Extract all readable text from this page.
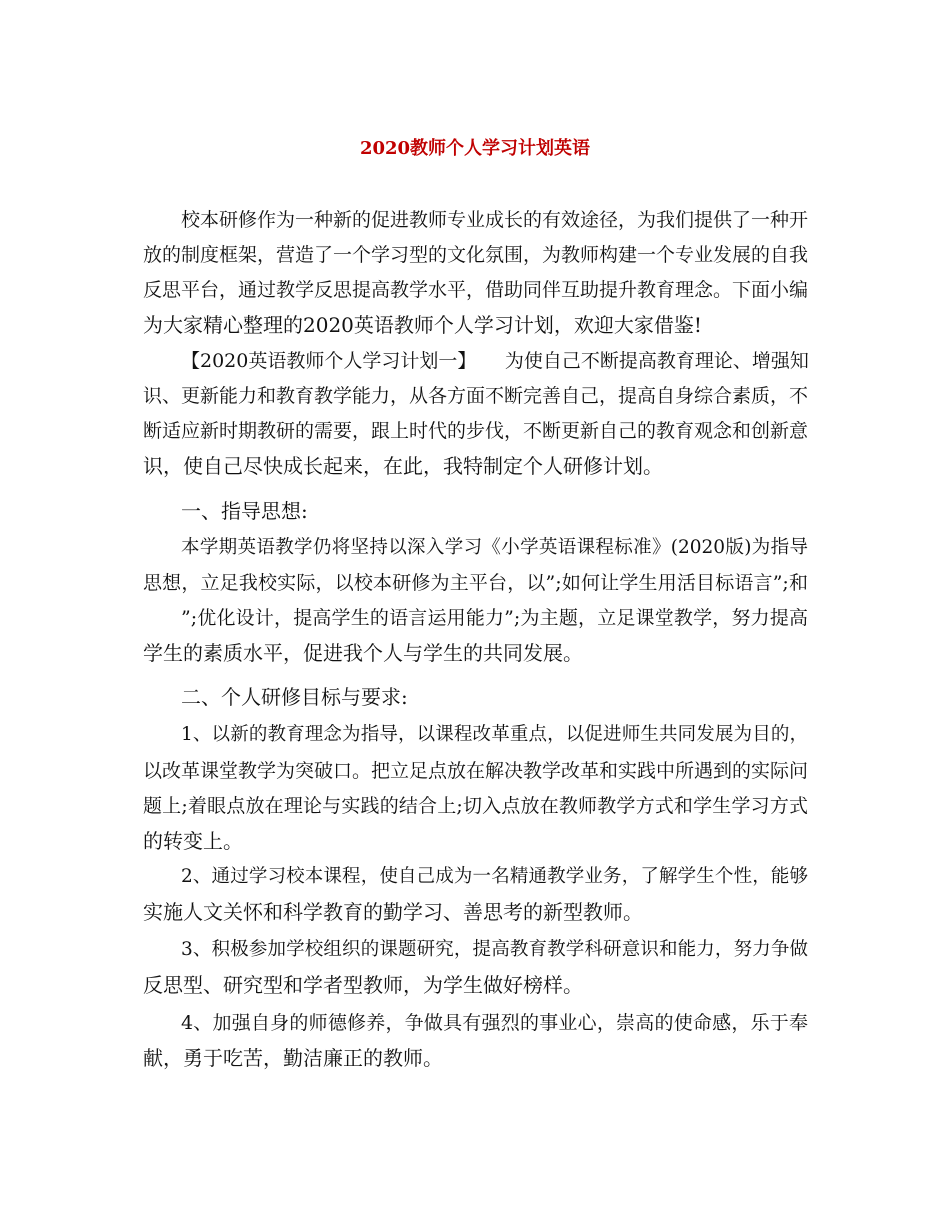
2020教师个人学习计划英语
校本研修作为一种新的促进教师专业成长的有效途径，为我们提供了一种开
放的制度框架，营造了一个学习型的文化氛围，为教师构建一个专业发展的自我
反思平台，通过教学反思提高教学水平，借助同伴互助提升教育理念。下面小编
为大家精心整理的2020英语教师个人学习计划，欢迎大家借鉴!
【2020英语教师个人学习计划一】　　为使自己不断提高教育理论、增强知
识、更新能力和教育教学能力，从各方面不断完善自己，提高自身综合素质，不
断适应新时期教研的需要，跟上时代的步伐，不断更新自己的教育观念和创新意
识，使自己尽快成长起来，在此，我特制定个人研修计划。
一、指导思想:
本学期英语教学仍将坚持以深入学习《小学英语课程标准》(2020版)为指导
思想，立足我校实际，以校本研修为主平台，以”;如何让学生用活目标语言”;和
”;优化设计，提高学生的语言运用能力”;为主题，立足课堂教学，努力提高
学生的素质水平，促进我个人与学生的共同发展。
二、个人研修目标与要求:
1、以新的教育理念为指导，以课程改革重点，以促进师生共同发展为目的，
以改革课堂教学为突破口。把立足点放在解决教学改革和实践中所遇到的实际问
题上;着眼点放在理论与实践的结合上;切入点放在教师教学方式和学生学习方式
的转变上。
2、通过学习校本课程，使自己成为一名精通教学业务，了解学生个性，能够
实施人文关怀和科学教育的勤学习、善思考的新型教师。
3、积极参加学校组织的课题研究，提高教育教学科研意识和能力，努力争做
反思型、研究型和学者型教师，为学生做好榜样。
4、加强自身的师德修养，争做具有强烈的事业心，崇高的使命感，乐于奉
献，勇于吃苦，勤洁廉正的教师。
